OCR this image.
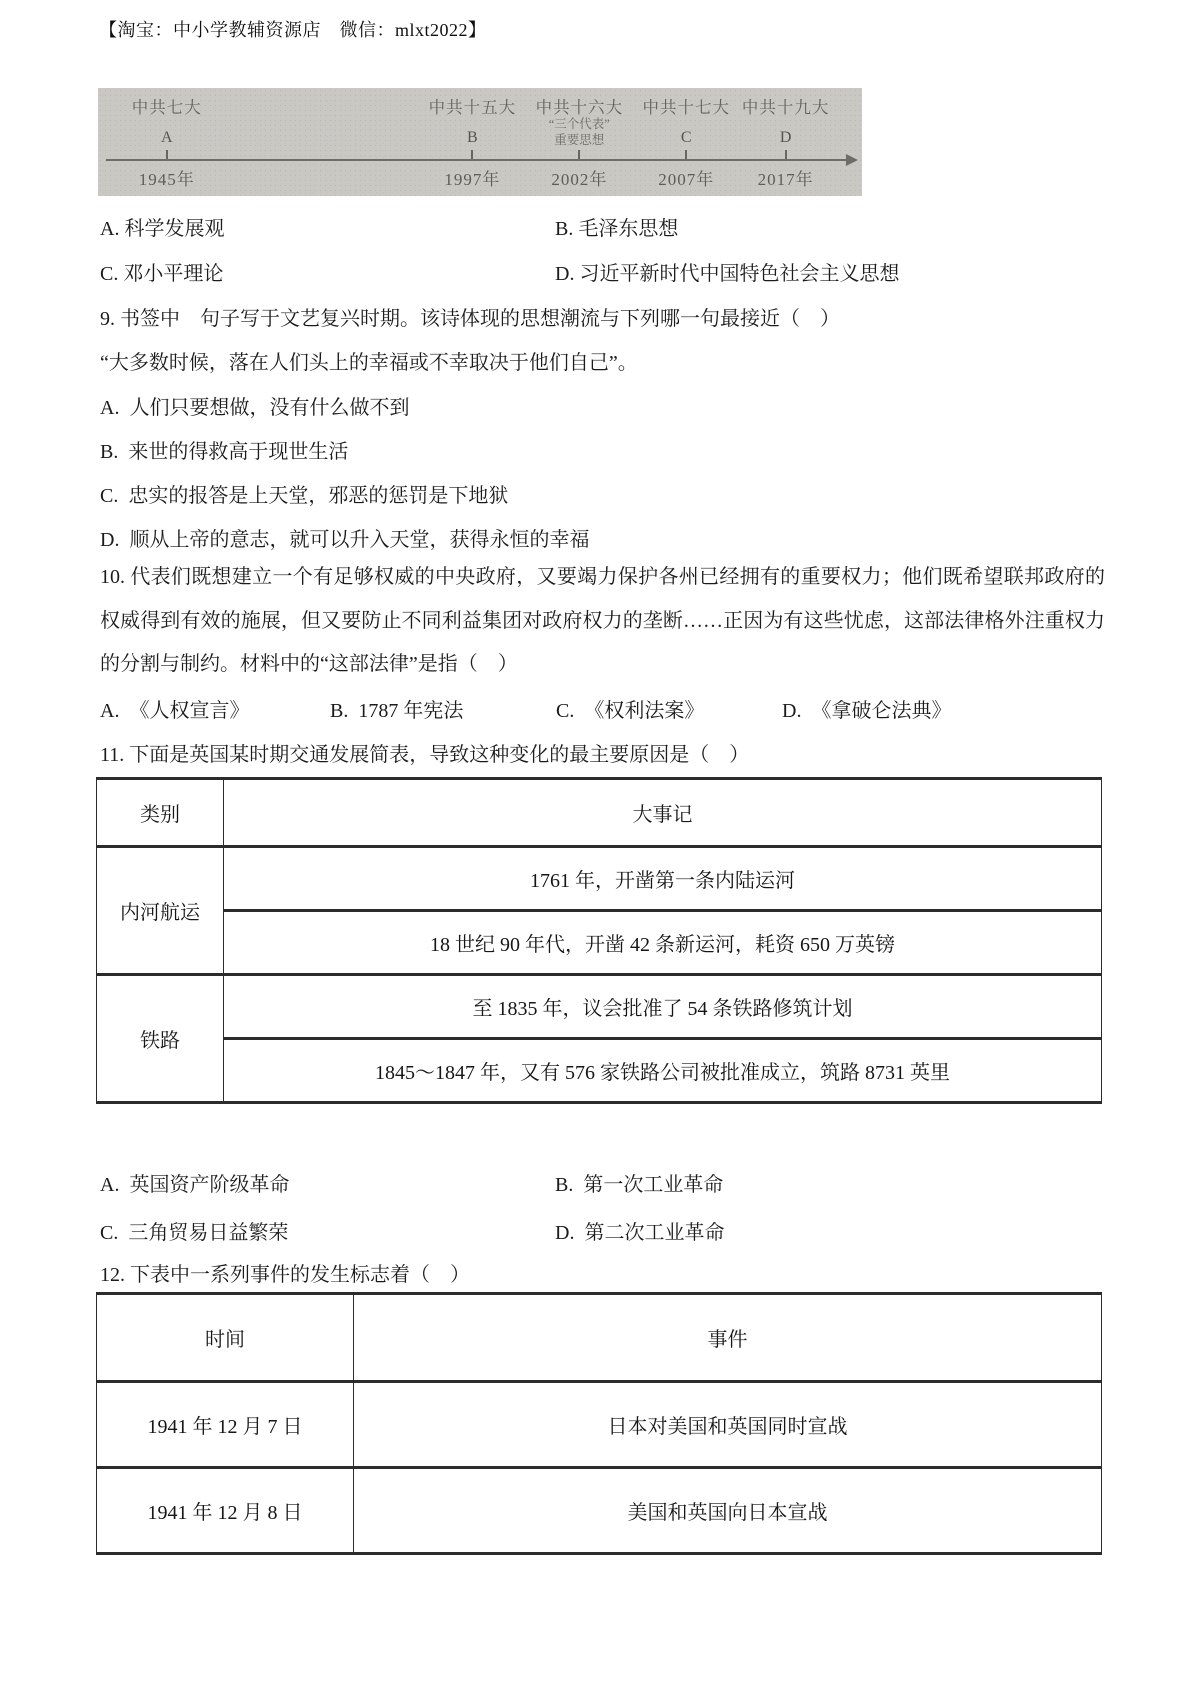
【淘宝：中小学教辅资源店　微信：mlxt2022】
中共七大
A
1945年
中共十五大
B
1997年
中共十六大
“三个代表”
重要思想
2002年
中共十七大
C
2007年
中共十九大
D
2017年
A. 科学发展观	B. 毛泽东思想
C. 邓小平理论	D. 习近平新时代中国特色社会主义思想
9. 书签中　句子写于文艺复兴时期。该诗体现的思想潮流与下列哪一句最接近（　）
“大多数时候，落在人们头上的幸福或不幸取决于他们自己”。
A.  人们只要想做，没有什么做不到
B.  来世的得救高于现世生活
C.  忠实的报答是上天堂，邪恶的惩罚是下地狱
D.  顺从上帝的意志，就可以升入天堂，获得永恒的幸福
10. 代表们既想建立一个有足够权威的中央政府，又要竭力保护各州已经拥有的重要权力；他们既希望联邦政府的权威得到有效的施展，但又要防止不同利益集团对政府权力的垄断……正因为有这些忧虑，这部法律格外注重权力的分割与制约。材料中的“这部法律”是指（　）
A.  《人权宣言》	B.  1787 年宪法	C.  《权利法案》	D.  《拿破仑法典》
11. 下面是英国某时期交通发展简表，导致这种变化的最主要原因是（　）
类别	大事记
内河航运	1761 年，开凿第一条内陆运河
	18 世纪 90 年代，开凿 42 条新运河，耗资 650 万英镑
铁路	至 1835 年，议会批准了 54 条铁路修筑计划
	1845～1847 年，又有 576 家铁路公司被批准成立，筑路 8731 英里
A.  英国资产阶级革命	B.  第一次工业革命
C.  三角贸易日益繁荣	D.  第二次工业革命
12. 下表中一系列事件的发生标志着（　）
时间	事件
1941 年 12 月 7 日	日本对美国和英国同时宣战
1941 年 12 月 8 日	美国和英国向日本宣战
